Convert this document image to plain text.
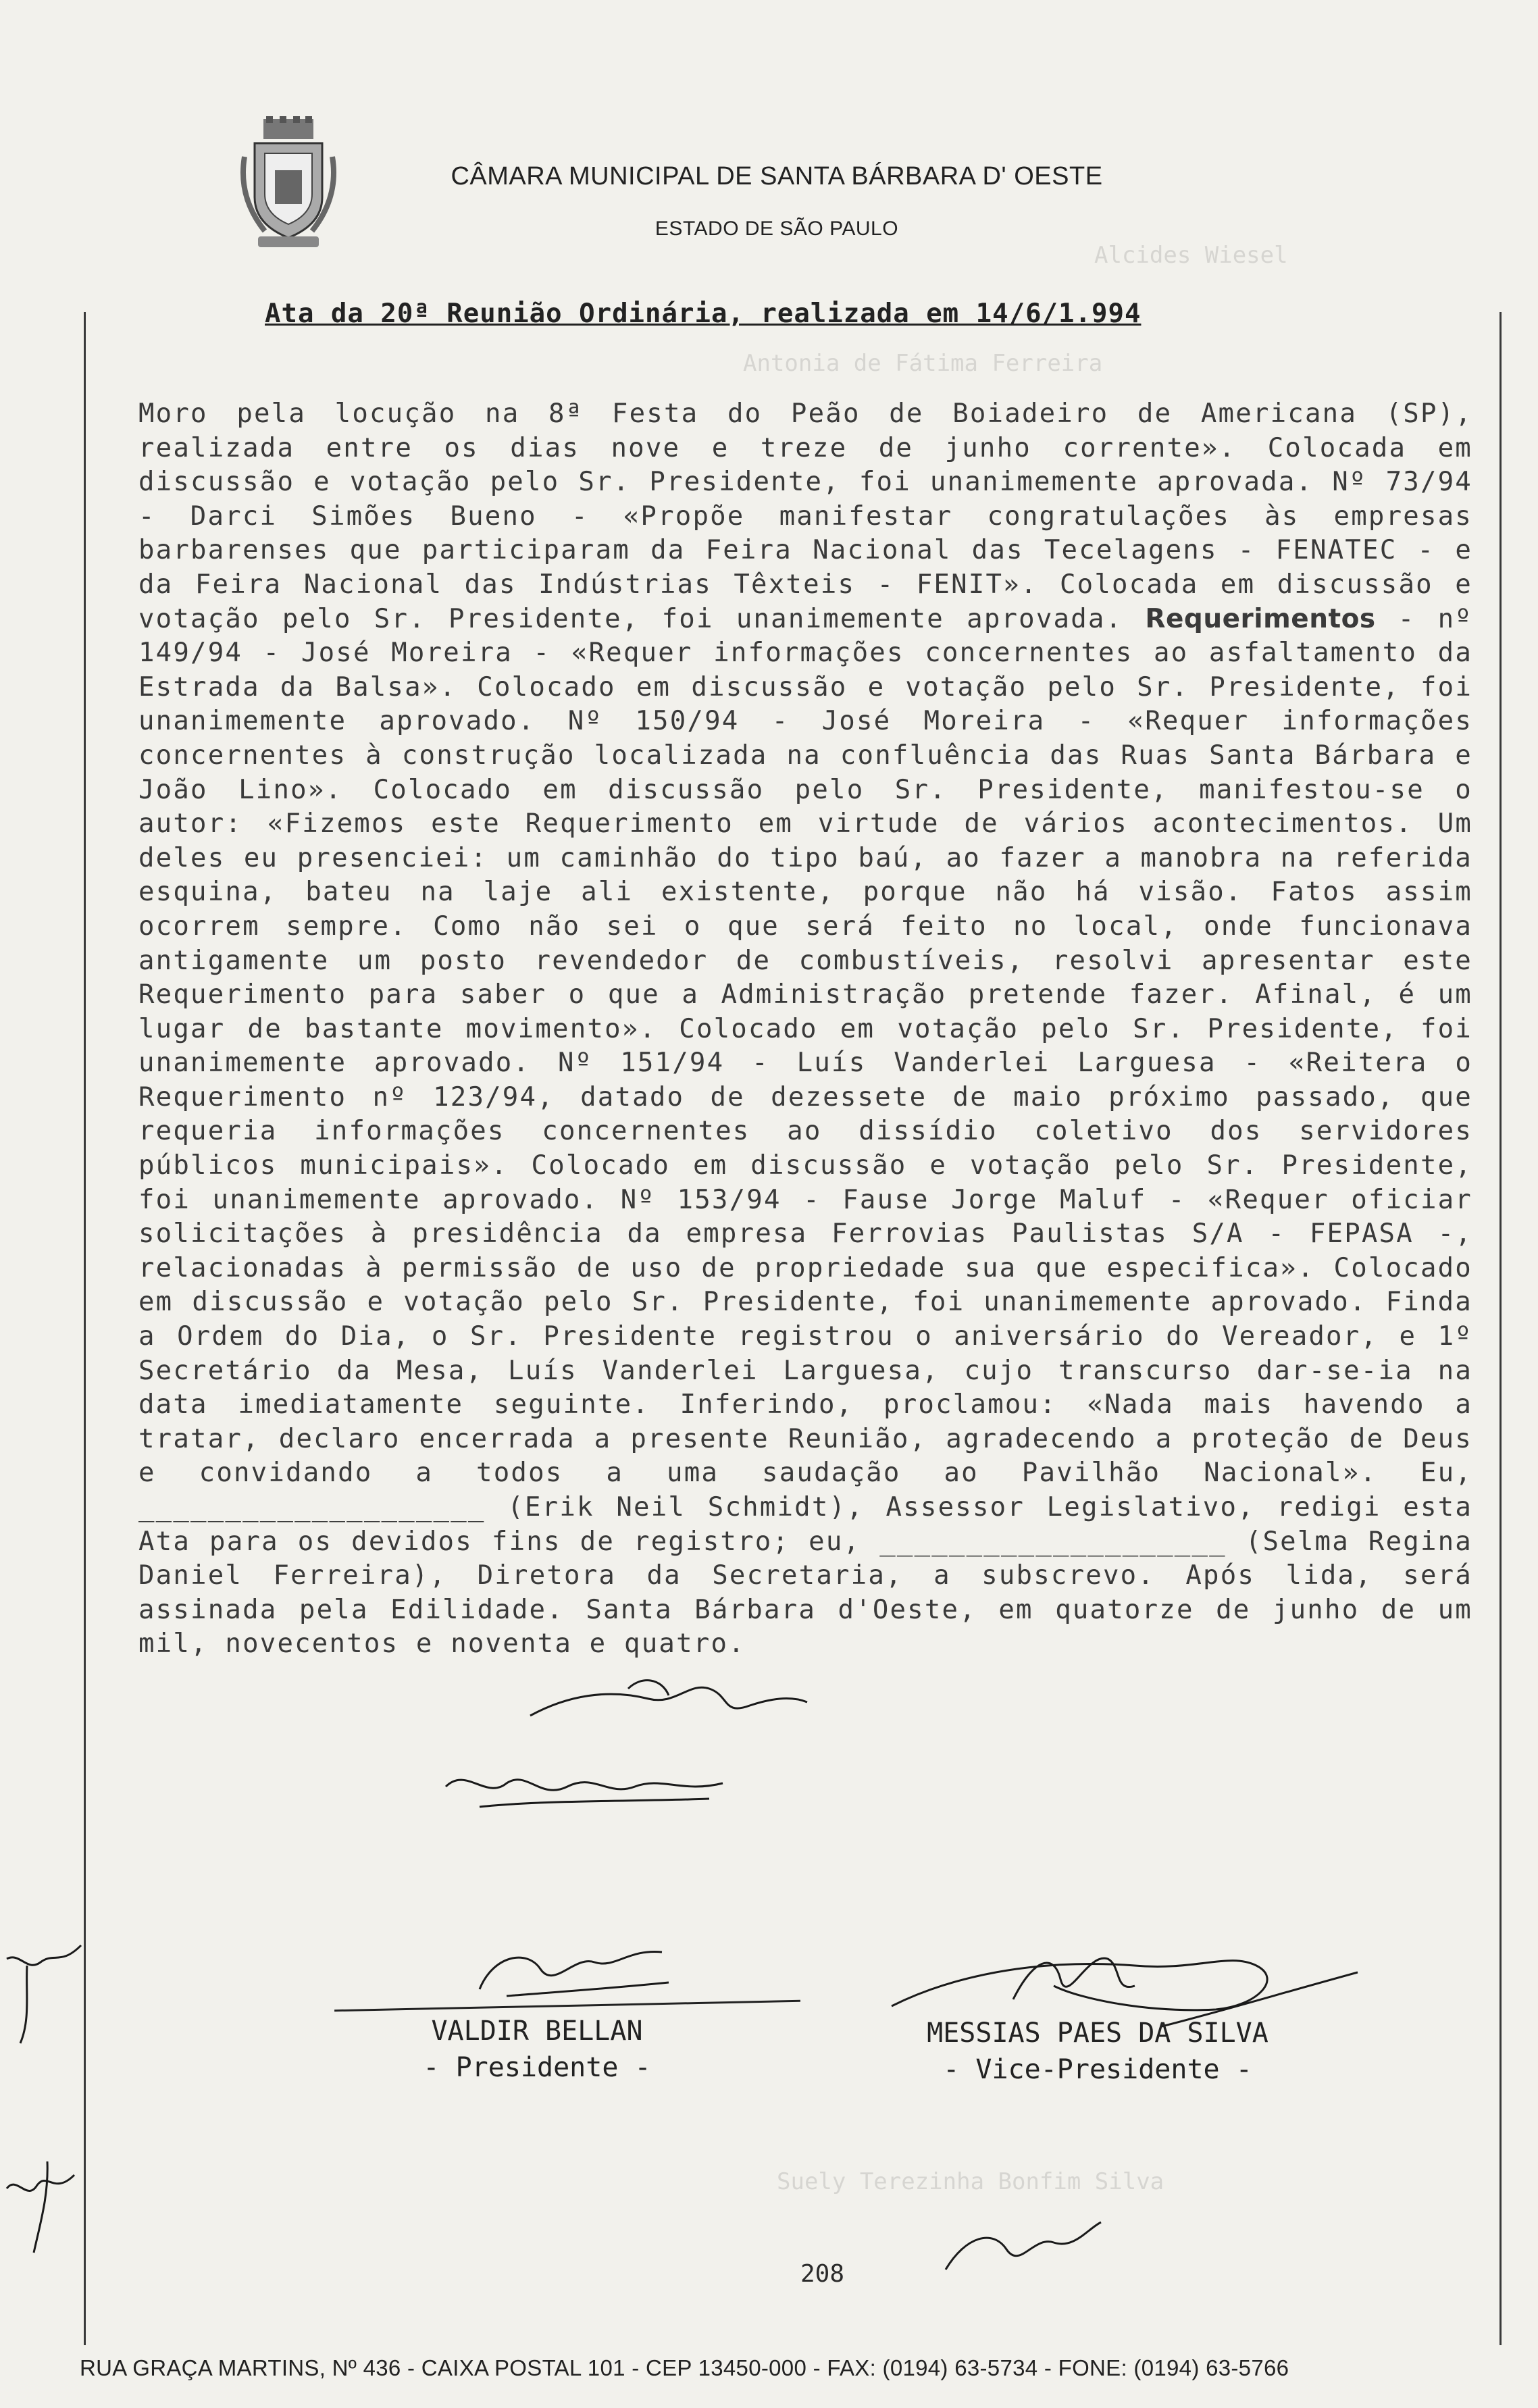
Alcides Wiesel
Antonia de Fátima Ferreira
Suely Terezinha Bonfim Silva
CÂMARA MUNICIPAL DE SANTA BÁRBARA D' OESTE
ESTADO DE SÃO PAULO
Ata da 20ª Reunião Ordinária, realizada em 14/6/1.994
Moro pela locução na 8ª Festa do Peão de Boiadeiro de Americana (SP), realizada entre os dias nove e treze de junho corrente». Colocada em discussão e votação pelo Sr. Presidente, foi unanimemente aprovada. Nº 73/94 - Darci Simões Bueno - «Propõe manifestar congratulações às empresas barbarenses que participaram da Feira Nacional das Tecelagens - FENATEC - e da Feira Nacional das Indústrias Têxteis - FENIT». Colocada em discussão e votação pelo Sr. Presidente, foi unanimemente aprovada. Requerimentos - nº 149/94 - José Moreira - «Requer informações concernentes ao asfaltamento da Estrada da Balsa». Colocado em discussão e votação pelo Sr. Presidente, foi unanimemente aprovado. Nº 150/94 - José Moreira - «Requer informações concernentes à construção localizada na confluência das Ruas Santa Bárbara e João Lino». Colocado em discussão pelo Sr. Presidente, manifestou-se o autor: «Fizemos este Requerimento em virtude de vários acontecimentos. Um deles eu presenciei: um caminhão do tipo baú, ao fazer a manobra na referida esquina, bateu na laje ali existente, porque não há visão. Fatos assim ocorrem sempre. Como não sei o que será feito no local, onde funcionava antigamente um posto revendedor de combustíveis, resolvi apresentar este Requerimento para saber o que a Administração pretende fazer. Afinal, é um lugar de bastante movimento». Colocado em votação pelo Sr. Presidente, foi unanimemente aprovado. Nº 151/94 - Luís Vanderlei Larguesa - «Reitera o Requerimento nº 123/94, datado de dezessete de maio próximo passado, que requeria informações concernentes ao dissídio coletivo dos servidores públicos municipais». Colocado em discussão e votação pelo Sr. Presidente, foi unanimemente aprovado. Nº 153/94 - Fause Jorge Maluf - «Requer oficiar solicitações à presidência da empresa Ferrovias Paulistas S/A - FEPASA -, relacionadas à permissão de uso de propriedade sua que especifica». Colocado em discussão e votação pelo Sr. Presidente, foi unanimemente aprovado. Finda a Ordem do Dia, o Sr. Presidente registrou o aniversário do Vereador, e 1º Secretário da Mesa, Luís Vanderlei Larguesa, cujo transcurso dar-se-ia na data imediatamente seguinte. Inferindo, proclamou: «Nada mais havendo a tratar, declaro encerrada a presente Reunião, agradecendo a proteção de Deus e convidando a todos a uma saudação ao Pavilhão Nacional». Eu, ____________________ (Erik Neil Schmidt), Assessor Legislativo, redigi esta Ata para os devidos fins de registro; eu, ____________________ (Selma Regina Daniel Ferreira), Diretora da Secretaria, a subscrevo. Após lida, será assinada pela Edilidade. Santa Bárbara d'Oeste, em quatorze de junho de um mil, novecentos e noventa e quatro.
VALDIR BELLAN
- Presidente -
MESSIAS PAES DA SILVA
- Vice-Presidente -
208
RUA GRAÇA MARTINS, Nº 436 - CAIXA POSTAL 101 - CEP 13450-000 - FAX: (0194) 63-5734 - FONE: (0194) 63-5766
